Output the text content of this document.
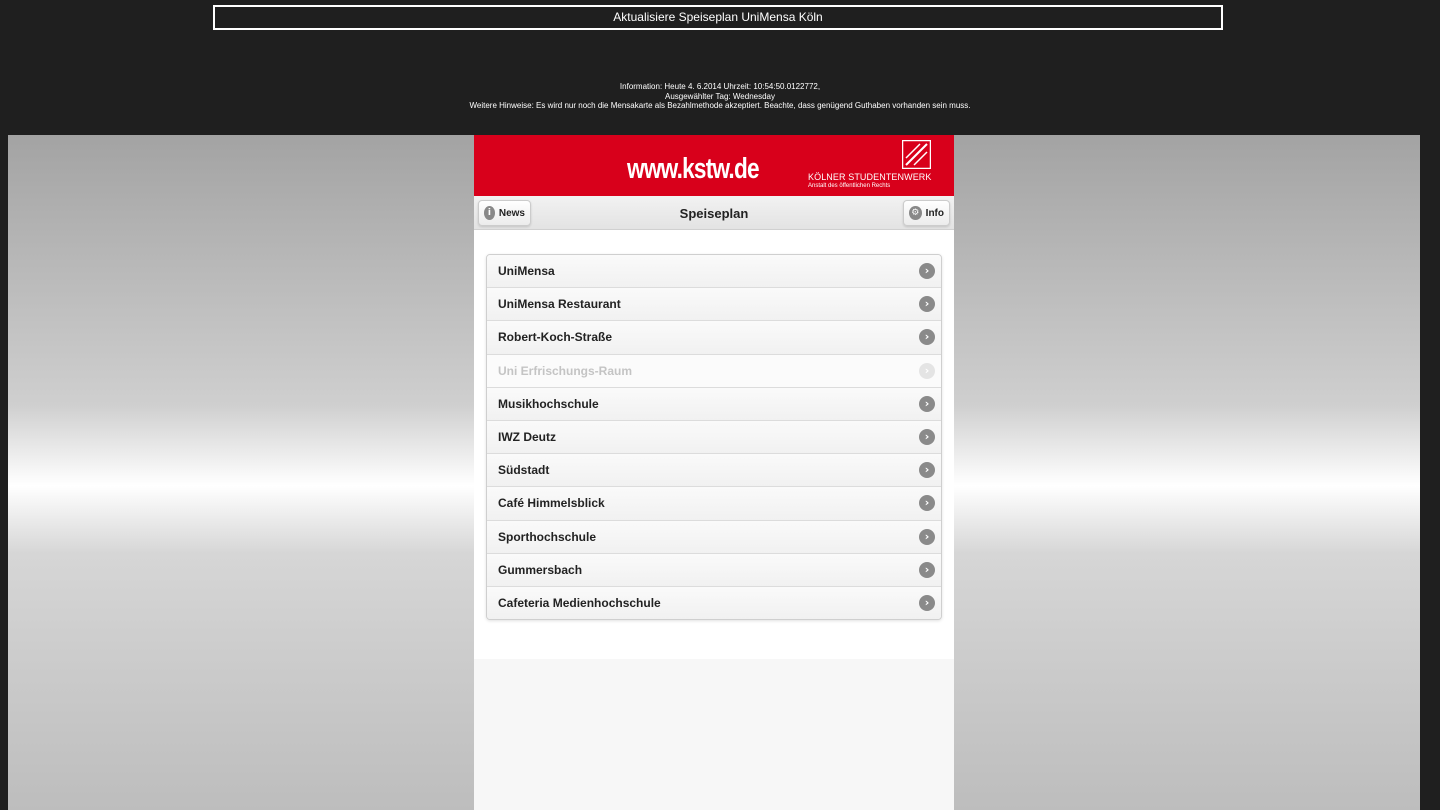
Aktualisiere Speiseplan UniMensa Köln
Information: Heute 4. 6.2014 Uhrzeit: 10:54:50.0122772,
Ausgewählter Tag: Wednesday
Weitere Hinweise: Es wird nur noch die Mensakarte als Bezahlmethode akzeptiert. Beachte, dass genügend Guthaben vorhanden sein muss.
www.kstw.de	KÖLNER STUDENTENWERK
Anstalt des öffentlichen Rechts
i News	Speiseplan	⚙ Info
UniMensa	›
UniMensa Restaurant	›
Robert-Koch-Straße	›
Uni Erfrischungs-Raum	›
Musikhochschule	›
IWZ Deutz	›
Südstadt	›
Café Himmelsblick	›
Sporthochschule	›
Gummersbach	›
Cafeteria Medienhochschule	›
